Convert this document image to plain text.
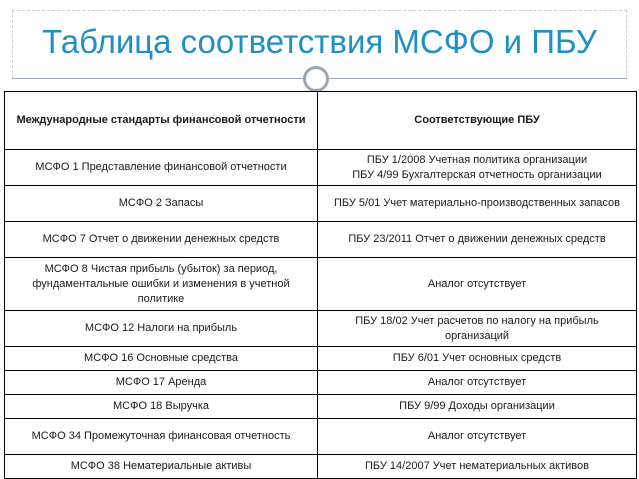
Таблица соответствия МСФО и ПБУ
Международные стандарты финансовой отчетности	Соответствующие ПБУ
МСФО 1 Представление финансовой отчетности	ПБУ 1/2008 Учетная политика организации
ПБУ 4/99 Бухгалтерская отчетность организации

МСФО 2 Запасы	ПБУ 5/01 Учет материально-производственных запасов
МСФО 7 Отчет о движении денежных средств	ПБУ 23/2011 Отчет о движении денежных средств
МСФО 8 Чистая прибыль (убыток) за период, фундаментальные ошибки и изменения в учетной политике	Аналог отсутствует
МСФО 12 Налоги на прибыль	ПБУ 18/02 Учет расчетов по налогу на прибыль организаций
МСФО 16 Основные средства	ПБУ 6/01 Учет основных средств
МСФО 17 Аренда	Аналог отсутствует
МСФО 18 Выручка	ПБУ 9/99 Доходы организации
МСФО 34 Промежуточная финансовая отчетность	Аналог отсутствует
МСФО 38 Нематериальные активы	ПБУ 14/2007 Учет нематериальных активов
